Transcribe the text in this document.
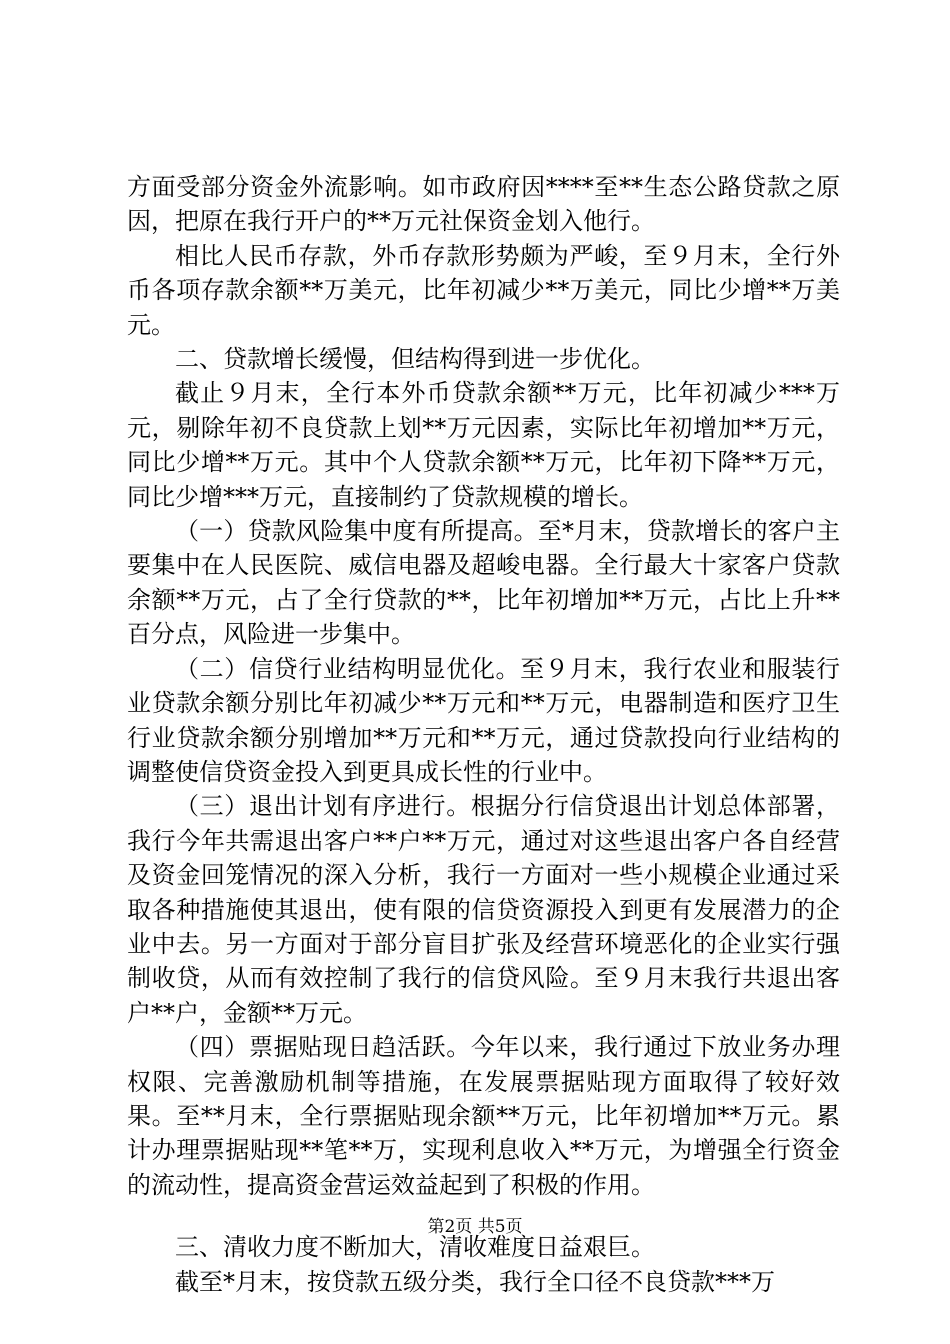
方面受部分资金外流影响。如市政府因****至**生态公路贷款之原因，把原在我行开户的**万元社保资金划入他行。

相比人民币存款，外币存款形势颇为严峻，至９月末，全行外币各项存款余额**万美元，比年初减少**万美元，同比少增**万美元。

二、贷款增长缓慢，但结构得到进一步优化。

截止９月末，全行本外币贷款余额**万元，比年初减少***万元，剔除年初不良贷款上划**万元因素，实际比年初增加**万元，同比少增**万元。其中个人贷款余额**万元，比年初下降**万元，同比少增***万元，直接制约了贷款规模的增长。

（一）贷款风险集中度有所提高。至*月末，贷款增长的客户主要集中在人民医院、威信电器及超峻电器。全行最大十家客户贷款余额**万元，占了全行贷款的**，比年初增加**万元，占比上升**百分点，风险进一步集中。

（二）信贷行业结构明显优化。至９月末，我行农业和服装行业贷款余额分别比年初减少**万元和**万元，电器制造和医疗卫生行业贷款余额分别增加**万元和**万元，通过贷款投向行业结构的调整使信贷资金投入到更具成长性的行业中。

（三）退出计划有序进行。根据分行信贷退出计划总体部署，我行今年共需退出客户**户**万元，通过对这些退出客户各自经营及资金回笼情况的深入分析，我行一方面对一些小规模企业通过采取各种措施使其退出，使有限的信贷资源投入到更有发展潜力的企业中去。另一方面对于部分盲目扩张及经营环境恶化的企业实行强制收贷，从而有效控制了我行的信贷风险。至９月末我行共退出客户**户，金额**万元。

（四）票据贴现日趋活跃。今年以来，我行通过下放业务办理权限、完善激励机制等措施，在发展票据贴现方面取得了较好效果。至**月末，全行票据贴现余额**万元，比年初增加**万元。累计办理票据贴现**笔**万，实现利息收入**万元，为增强全行资金的流动性，提高资金营运效益起到了积极的作用。

三、清收力度不断加大，清收难度日益艰巨。

截至*月末，按贷款五级分类，我行全口径不良贷款***万

第2页 共5页
